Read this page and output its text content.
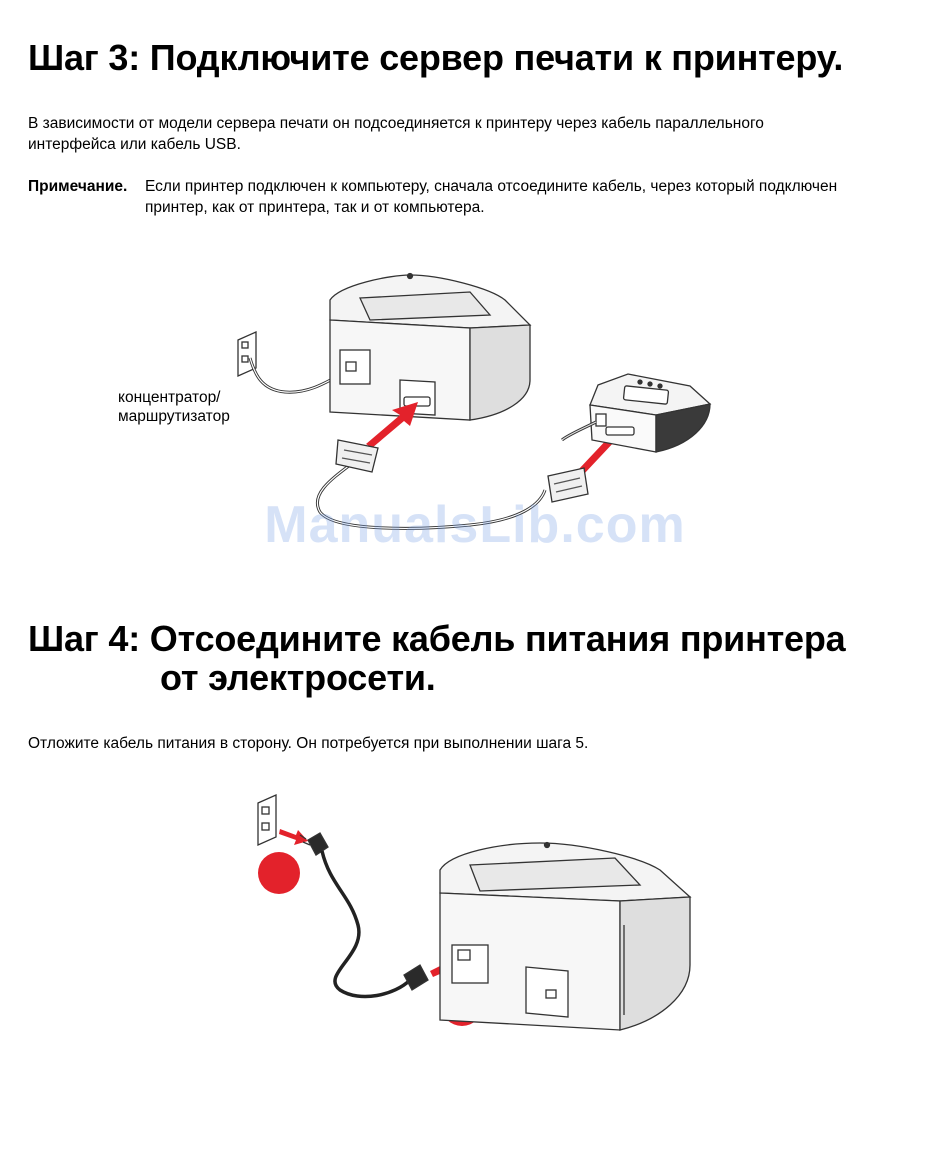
Шаг 3: Подключите сервер печати к принтеру.

В зависимости от модели сервера печати он подсоединяется к принтеру через кабель параллельного

интерфейса или кабель USB.

Примечание. Если принтер подключен к компьютеру, сначала отсоедините кабель, через который подключен
принтер, как от принтера, так и от компьютера.
концентратор/
маршрутизатор
ManualsLib.com
Шаг 4: Отсоедините кабель питания принтера
от электросети.

Отложите кабель питания в сторону. Он потребуется при выполнении шага 5.
